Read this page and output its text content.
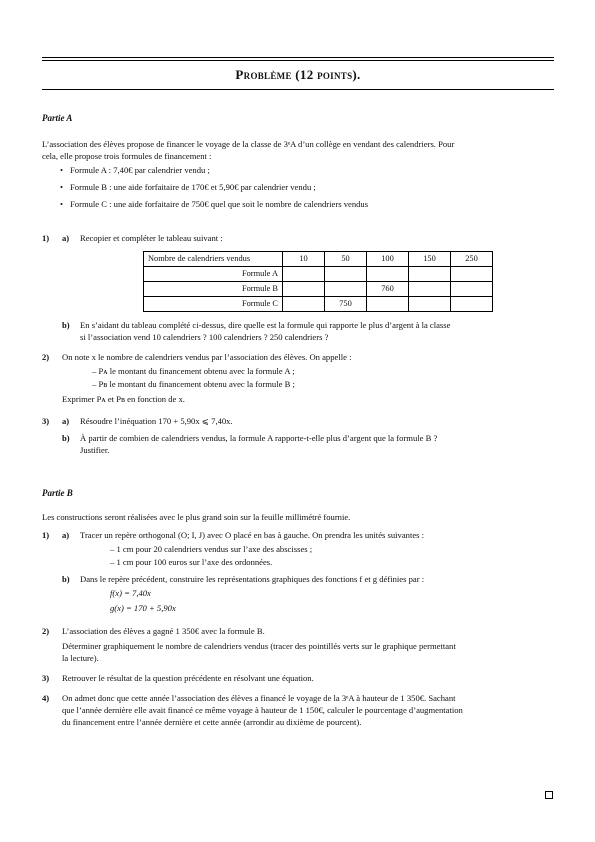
Problème (12 points).
Partie A
L’association des élèves propose de financer le voyage de la classe de 3ᵉA d’un collège en vendant des calendriers. Pour
cela, elle propose trois formules de financement :
• Formule A : 7,40€ par calendrier vendu ;
• Formule B : une aide forfaitaire de 170€ et 5,90€ par calendrier vendu ;
• Formule C : une aide forfaitaire de 750€ quel que soit le nombre de calendriers vendus
1) a) Recopier et compléter le tableau suivant :
Nombre de calendriers vendus	10	50	100	150	250
Formule A					
Formule B			760		
Formule C		750			
b) En s’aidant du tableau complété ci-dessus, dire quelle est la formule qui rapporte le plus d’argent à la classe
si l’association vend 10 calendriers ? 100 calendriers ? 250 calendriers ?
2) On note x le nombre de calendriers vendus par l’association des élèves. On appelle :
– Pᴀ le montant du financement obtenu avec la formule A ;
– Pʙ le montant du financement obtenu avec la formule B ;
Exprimer Pᴀ et Pʙ en fonction de x.
3) a) Résoudre l’inéquation 170 + 5,90x ⩽ 7,40x.
b) À partir de combien de calendriers vendus, la formule A rapporte-t-elle plus d’argent que la formule B ?
Justifier.
Partie B
Les constructions seront réalisées avec le plus grand soin sur la feuille millimétré fournie.
1) a) Tracer un repère orthogonal (O; I, J) avec O placé en bas à gauche. On prendra les unités suivantes :
– 1 cm pour 20 calendriers vendus sur l’axe des abscisses ;
– 1 cm pour 100 euros sur l’axe des ordonnées.
b) Dans le repère précédent, construire les représentations graphiques des fonctions f et g définies par :
f(x) = 7,40x
g(x) = 170 + 5,90x
2) L’association des élèves a gagné 1 350€ avec la formule B.
Déterminer graphiquement le nombre de calendriers vendus (tracer des pointillés verts sur le graphique permettant
la lecture).
3) Retrouver le résultat de la question précédente en résolvant une équation.
4) On admet donc que cette année l’association des élèves a financé le voyage de la 3ᵉA à hauteur de 1 350€. Sachant
que l’année dernière elle avait financé ce même voyage à hauteur de 1 150€, calculer le pourcentage d’augmentation
du financement entre l’année dernière et cette année (arrondir au dixième de pourcent).
